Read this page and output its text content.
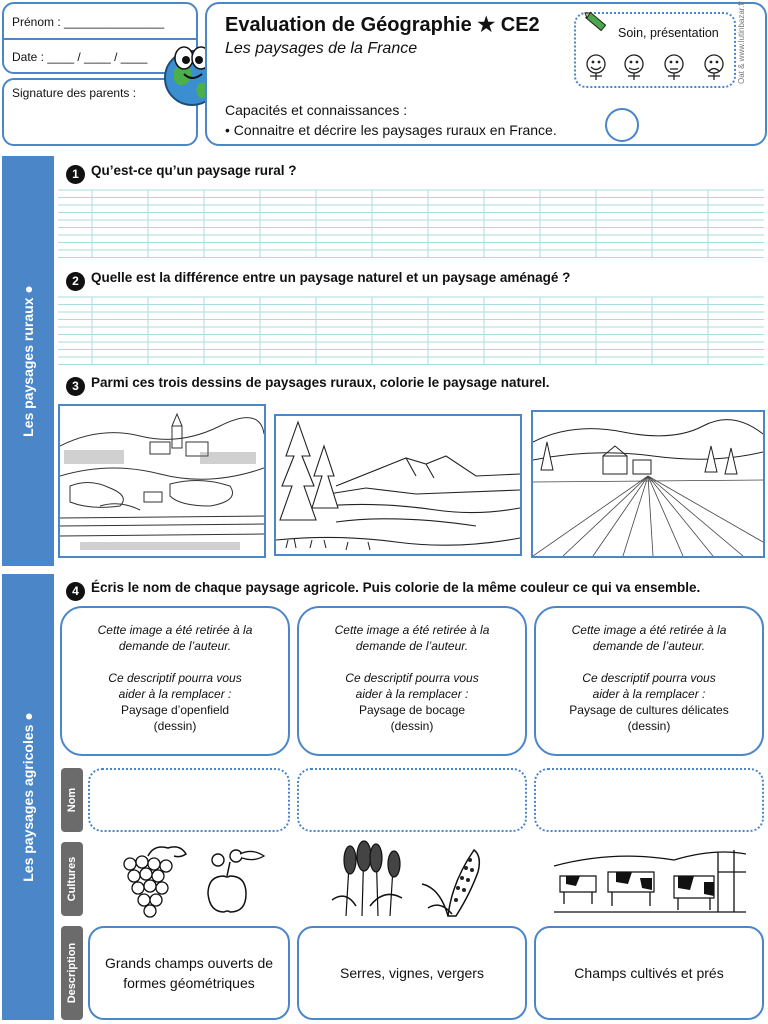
Prénom : _______________
Date : ____ / ____ / ____
Signature des parents :
Evaluation de Géographie ★ CE2
Les paysages de la France
Capacités et connaissances :
• Connaitre et décrire les paysages ruraux en France.
Oat & www.lutinbazar.fr
Soin, présentation
Les paysages ruraux ●
1 Qu’est-ce qu’un paysage rural ?
2 Quelle est la différence entre un paysage naturel et un paysage aménagé ?
3 Parmi ces trois dessins de paysages ruraux, colorie le paysage naturel.
Les paysages agricoles ●
4 Écris le nom de chaque paysage agricole. Puis colorie de la même couleur ce qui va ensemble.
Cette image a été retirée à la demande de l’auteur.
Ce descriptif pourra vous aider à la remplacer :
Paysage d’openfield
(dessin)
Cette image a été retirée à la demande de l’auteur.
Ce descriptif pourra vous aider à la remplacer :
Paysage de bocage
(dessin)
Cette image a été retirée à la demande de l’auteur.
Ce descriptif pourra vous aider à la remplacer :
Paysage de cultures délicates
(dessin)
Nom
Cultures
Description	Grands champs ouverts de formes géométriques
Serres, vignes, vergers	Champs cultivés et prés
